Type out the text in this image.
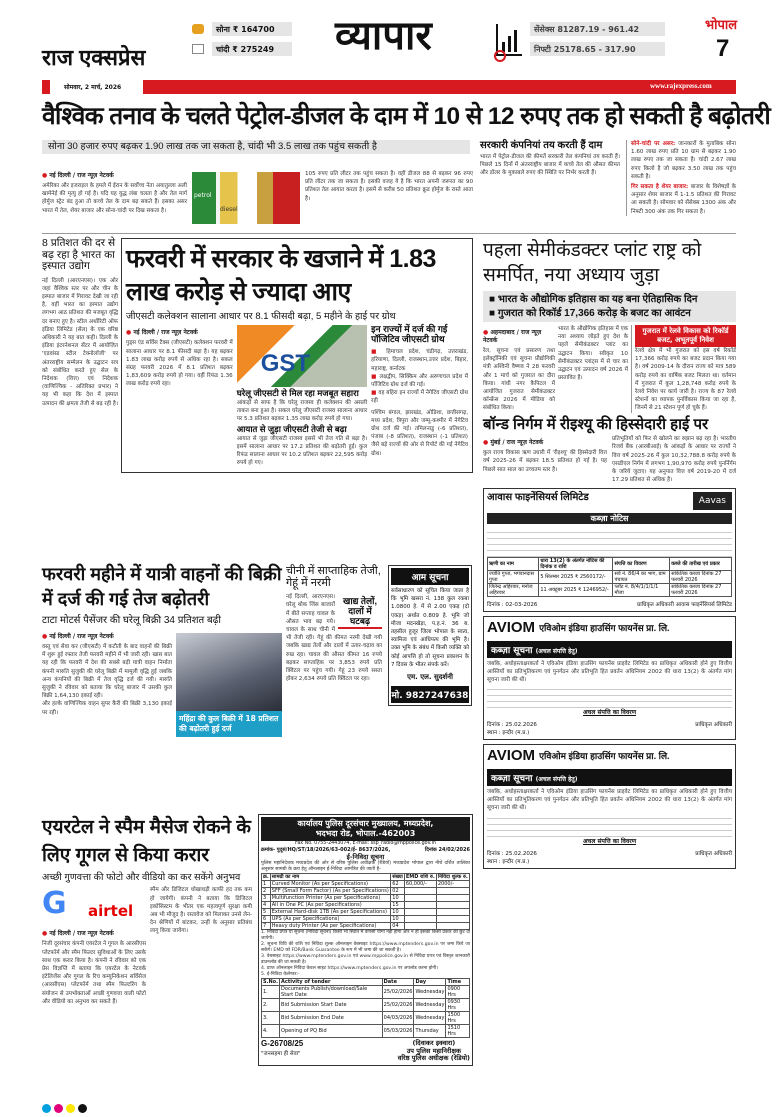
राज एक्सप्रेस
सोमवार, 2 मार्च, 2026	www.rajexpress.com
सोना ₹ 164700
चांदी ₹ 275249	व्यापार	सेंसेक्स 81287.19 - 961.42
निफ्टी 25178.65 - 317.90
भोपाल
7
वैश्विक तनाव के चलते पेट्रोल-डीजल के दाम में 10 से 12 रुपए तक हो सकती है बढ़ोतरी
सोना 30 हजार रुपए बढ़कर 1.90 लाख तक जा सकता है, चांदी भी 3.5 लाख तक पहुंच सकती है
● नई दिल्ली / राज न्यूज़ नेटवर्क
अमेरिका और इजराइल के हमले में ईरान के सर्वोच्च नेता अयातुल्ला अली खामेनेई की मृत्यु हो गई है। यदि यह युद्ध लंबा चलता है और तेल मार्ग होर्मुज स्ट्रेट बंद हुआ तो कच्चे तेल के दाम बढ़ सकते हैं। इसका असर भारत में तेल, शेयर बाजार और सोना-चांदी पर दिख सकता है।
petrol
diesel
105 रुपए प्रति लीटर तक पहुंच सकता है। वहीं डीजल 88 से बढ़कर 96 रुपए प्रति लीटर तक जा सकता है। इसकी वजह ये है कि भारत अपनी जरूरत का 90 प्रतिशत तेल आयात करता है। इसमें से करीब 50 प्रतिशत क्रूड होर्मुज के रास्ते आता है।
सरकारी कंपनियां तय करती हैं दाम
भारत में पेट्रोल-डीजल की कीमतें सरकारी तेल कंपनियां तय करती हैं। पिछले 15 दिनों में अंतरराष्ट्रीय बाजार में कच्चे तेल की औसत कीमत और डॉलर के मुकाबले रुपए की स्थिति पर निर्भर करती हैं।
सोने-चांदी पर असर: जानकारों के मुताबिक सोना 1.60 लाख रुपए प्रति 10 ग्राम से बढ़कर 1.90 लाख रुपए तक जा सकता है। चांदी 2.67 लाख रुपए किलो है जो बढ़कर 3.50 लाख तक पहुंच सकती है।
गिर सकता है शेयर बाजार: बाजार के विशेषज्ञों के अनुसार शेयर बाजार में 1-1.5 प्रतिशत की गिरावट आ सकती है। सोमवार को सेंसेक्स 1300 अंक और निफ्टी 300 अंक तक गिर सकता है।
8 प्रतिशत की दर से बढ़ रहा है भारत का इस्पात उद्योग
नई दिल्ली (आरएनएस)। एक ओर जहां वैश्विक स्तर पर और चीन के इस्पात बाजार में गिरावट देखी जा रही है, वहीं भारत का इस्पात उद्योग लगभग आठ प्रतिशत की मजबूत वृद्धि दर बनाए हुए है। स्टील अथॉरिटी ऑफ इंडिया लिमिटेड (सेल) के एक वरिष्ठ अधिकारी ने यह बात कही। दिल्ली के इंडिया इंटरनेशनल सेंटर में आयोजित 'एडवांस्ड स्टील टेक्नोलॉजी' पर अंतरराष्ट्रीय सम्मेलन के उद्घाटन सत्र को संबोधित करते हुए सेल के निदेशक (वित्त) एवं निदेशक (वाणिज्यिक - अतिरिक्त प्रभार) ने यह भी कहा कि देश में इस्पात उत्पादन की क्षमता तेजी से बढ़ रही है।
फरवरी में सरकार के खजाने में 1.83 लाख करोड़ से ज्यादा आए
जीएसटी कलेक्शन सालाना आधार पर 8.1 फीसदी बढ़ा, 5 महीने के हाई पर ग्रोथ
● नई दिल्ली / राज न्यूज़ नेटवर्क
गुड्स एंड सर्विस टैक्स (जीएसटी) कलेक्शन फरवरी में सालाना आधार पर 8.1 फीसदी बढ़ा है। यह बढ़कर 1.83 लाख करोड़ रुपये से अधिक रहा है। सकल संग्रह फरवरी 2026 में 8.1 प्रतिशत बढ़कर 1,83,609 करोड़ रुपये हो गया। वहीं रिफंड 1.36 लाख करोड़ रुपये रहा।
GST
घरेलू जीएसटी से मिल रहा मजबूत सहारा
आंकड़ों से साफ है कि घरेलू राजस्व ही कलेक्शन की असली ताकत बना हुआ है। सकल घरेलू जीएसटी राजस्व सालाना आधार पर 5.3 प्रतिशत बढ़कर 1.35 लाख करोड़ रुपये हो गया।
आयात से जुड़ा जीएसटी तेजी से बढ़ा
आयात से जुड़ा जीएसटी राजस्व इससे भी तेज गति से बढ़ा है। इसमें सालाना आधार पर 17.2 प्रतिशत की बढ़ोतरी हुई। कुल रिफंड सालाना आधार पर 10.2 प्रतिशत बढ़कर 22,595 करोड़ रुपये हो गए।
इन राज्यों में दर्ज की गई पॉजिटिव जीएसटी ग्रोथ
■ हिमाचल प्रदेश, चंडीगढ़, उत्तराखंड, हरियाणा, दिल्ली, राजस्थान,उत्तर प्रदेश, बिहार, महाराष्ट्र, कर्नाटक
■ लक्षद्वीप, सिक्किम और अरुणाचल प्रदेश में पॉजिटिव ग्रोथ दर्ज की गई।
■ वह बहिरा इन राज्यों में नेगेटिव जीएसटी ग्रोथ रही
पश्चिम बंगाल, झारखंड, ओडिशा, छत्तीसगढ़, मध्य प्रदेश, त्रिपुरा और जम्मू-कश्मीर में नेगेटिव ग्रोथ दर्ज की गई। तमिलनाडु (-6 प्रतिशत), पंजाब (-8 प्रतिशत), राजस्थान (-1 प्रतिशत) जैसे बड़े राज्यों की ओर से रिपोर्ट की गई नेगेटिव ग्रोथ।
पहला सेमीकंडक्टर प्लांट राष्ट्र को समर्पित, नया अध्याय जुड़ा
■ भारत के औद्योगिक इतिहास का यह बना ऐतिहासिक दिन
■ गुजरात को रिकॉर्ड 17,366 करोड़ के बजट का आवंटन
● अहमदाबाद / राज न्यूज़ नेटवर्क
रेल, सूचना एवं प्रसारण तथा इलेक्ट्रॉनिकी एवं सूचना प्रौद्योगिकी मंत्री अश्विनी वैष्णव ने 28 फरवरी और 1 मार्च को गुजरात का दौरा किया। गांधी नगर कैपिटल में आयोजित गुजरात सेमीकंडक्टर कॉन्फ्रेंस 2026 में मीडिया को संबोधित किया।
भारत के औद्योगिक इतिहास में एक नया अध्याय जोड़ते हुए देश के पहले सेमीकंडक्टर प्लांट का उद्घाटन किया। स्वीकृत 10 सेमीकंडक्टर प्लांट्स में से चार का उद्घाटन एवं उत्पादन वर्ष 2026 में प्रस्तावित है।
गुजरात में रेलवे विकास को रिकॉर्ड बजट, अभूतपूर्व निवेश
रेलवे क्षेत्र में भी गुजरात को इस वर्ष रिकॉर्ड 17,366 करोड़ रुपये का बजट प्रदान किया गया है। वर्ष 2009-14 के दौरान राज्य को मात्र 589 करोड़ रुपये का वार्षिक बजट मिलता था। वर्तमान में गुजरात में कुल 1,28,748 करोड़ रुपये के रेलवे निवेश पर कार्य जारी है। राज्य के 87 रेलवे स्टेशनों का व्यापक पुनर्विकास किया जा रहा है, जिनमें से 21 स्टेशन पूर्ण हो चुके हैं।
बॉन्ड निर्गम में रीइश्यू की हिस्सेदारी हाई पर
● मुंबई / राज न्यूज़ नेटवर्क
कुल राज्य विकास ऋण उधारी में 'रीइश्यू' की हिस्सेदारी वित्त वर्ष 2025-26 में बढ़कर 18.5 प्रतिशत हो गई है। यह पिछले सात साल का उच्चतम स्तर है।
प्रतिभूतियों को फिर से खोलने का रुझान बढ़ रहा है। भारतीय रिजर्व बैंक (आरबीआई) के आंकड़ों के आधार पर राज्यों ने वित्त वर्ष 2025-26 में कुल 10,32,788.8 करोड़ रुपये के एसडीएल निर्गम में लगभग 1,90,970 करोड़ रुपये पुनर्निर्गम के जरिये जुटाए। यह अनुपात वित्त वर्ष 2019-20 में दर्ज 17.29 प्रतिशत से अधिक है।
आवास फाइनेंसियर्स लिमिटेड	Aavas
कब्ज़ा नोटिस
ऋणी का नाम	धारा 13(2) के अंतर्गत नोटिस की दिनांक व राशि	संपत्ति का विवरण	कब्जे की तारीख एवं प्रकार
ज्योति गुप्ता, भगवानदास गुप्ता	5 सितम्बर 2025 ₹ 2560172/-	सर्वे नं. 86/4 का भाग, ग्राम पंचायत	सांकेतिक कब्जा दिनांक 27 फरवरी 2026
जितेन्द्र अहिरवार, मनोज अहिरवार	11 अक्टूबर 2025 ₹ 1246952/-	प्लॉट नं. 8/4/1/1/1/1 मौजा	सांकेतिक कब्जा दिनांक 27 फरवरी 2026
दिनांक : 02-03-2026	प्राधिकृत अधिकारी आवास फाइनेंसियर्स लिमिटेड
AVIOM एविओम इंडिया हाउसिंग फायनेंस प्रा. लि.
कब्ज़ा सूचना (अचल संपत्ति हेतु)
जबकि, अधोहस्ताक्षरकर्ता ने एविओम इंडिया हाउसिंग फायनेंस प्राइवेट लिमिटेड का प्राधिकृत अधिकारी होने हुए वित्तीय आस्तियों का प्रतिभूतिकरण एवं पुनर्गठन और प्रतिभूति हित प्रवर्तन अधिनियम 2002 की धारा 13(2) के अंतर्गत मांग सूचना जारी की थी।
अचल संपत्ति का विवरण
दिनांक : 25.02.2026	प्राधिकृत अधिकारी
स्थान : इन्दौर (म.प्र.)
AVIOM एविओम इंडिया हाउसिंग फायनेंस प्रा. लि.
कब्ज़ा सूचना (अचल संपत्ति हेतु)
जबकि, अधोहस्ताक्षरकर्ता ने एविओम इंडिया हाउसिंग फायनेंस प्राइवेट लिमिटेड का प्राधिकृत अधिकारी होने हुए वित्तीय आस्तियों का प्रतिभूतिकरण एवं पुनर्गठन और प्रतिभूति हित प्रवर्तन अधिनियम 2002 की धारा 13(2) के अंतर्गत मांग सूचना जारी की थी।
अचल संपत्ति का विवरण
दिनांक : 25.02.2026	प्राधिकृत अधिकारी
स्थान : इन्दौर (म.प्र.)
फरवरी महीने में यात्री वाहनों की बिक्री में दर्ज की गई तेज बढ़ोतरी
टाटा मोटर्स पैसेंजर की घरेलू बिक्री 34 प्रतिशत बढ़ी
● नई दिल्ली / राज न्यूज़ नेटवर्क
वस्तु एवं सेवा कर (जीएसटी) में कटौती के बाद वाहनों की बिक्री में शुरू हुई रफ्तार तेजी फरवरी महीने में भी जारी रही। खास बात यह रही कि फरवरी में देश की सबसे बड़ी यात्री वाहन निर्माता कंपनी मारुति सुजुकी की घरेलू बिक्री में मामूली वृद्धि हुई जबकि अन्य कंपनियों की बिक्री में तेज वृद्धि दर्ज की गयी। मारुति सुजुकी ने रविवार को बताया कि घरेलू बाजार में उसकी कुल बिक्री 1,64,130 इकाई रही।
और हल्के वाणिज्यिक वाहन सुपर कैरी की बिक्री 3,130 इकाई पर रही।
महिंद्रा की कुल बिक्री में 18 प्रतिशत की बढ़ोतरी हुई दर्ज
चीनी में साप्ताहिक तेजी, गेहूं में नरमी
खाद्य तेलों, दालों में घटबढ़
नई दिल्ली, आरएनएस। घरेलू थोक जिंस बाजारों में बीते सप्ताह चावल के औसत भाव बढ़ गये। चावल के साथ चीनी में भी तेजी रही। गेहूं की कीमत नरमी देखी गयी जबकि खाद्य तेलों और दालों में उतार-चढ़ाव का रुख रहा। चावल की औसत कीमत 16 रुपये बढ़कर साप्ताहिक पर 3,853 रुपये प्रति क्विंटल पर पहुंच गयी। गेहूं 23 रुपये सस्ता होकर 2,634 रुपये प्रति क्विंटल पर रहा।
आम सूचना
सर्वसाधारण को सूचित किया जाता है कि भूमि खसरा नं. 138 कुल रकबा 1.0800 हे. में से 2.00 एकड़ (दो एकड़) अर्थात 0.809 हे. भूमि जो मौजा मदनखेड़ा, प.ह.नं. 36 ब. तहसील हुजूर जिला भोपाल के स्वत्व, स्वामित्व एवं आधिपत्य की भूमि है। उक्त भूमि के संबंध में किसी व्यक्ति को कोई आपत्ति हो तो सूचना प्रकाशन के 7 दिवस के भीतर संपर्क करें।
एम. एल. सुदर्शनी
मो. 9827247638
एयरटेल ने स्पैम मैसेज रोकने के लिए गूगल से किया करार
अच्छी गुणवत्ता की फोटो और वीडियो का कर सकेंगे अनुभव
G airtel
● नई दिल्ली / राज न्यूज़ नेटवर्क
निजी दूरसंचार कंपनी एयरटेल ने गूगल के आरसीएस प्लेटफॉर्म और स्पैम फिल्टर सुविधाओं के लिए उसके साथ एक करार किया है। कंपनी ने रविवार को एक प्रेस विज्ञप्ति में बताया कि एयरटेल के नेटवर्क इंटेलिजेंस और गूगल के रिच कम्युनिकेशन सर्विसेज (आरसीएस) प्लेटफॉर्म तथा स्पैम फिल्टरिंग के संयोजन से उपभोक्ताओं अच्छी गुणवत्ता वाली फोटो और वीडियो का अनुभव कर सकते हैं।
स्पैम और डिजिटल धोखाधड़ी काफी हद तक कम हो जायेगी। कंपनी ने बताया कि डिजिटल इकोसिस्टम के भीतर एक महत्वपूर्ण सुरक्षा कमी अब भी मौजूद है। रस्तावेज को मिलाकर उनसे लेन-देन श्रेणियों में बांटकर, उन्हीं के अनुसार प्रतिबंध लागू किया जायेगा।
कार्यालय पुलिस दूरसंचार मुख्यालय, मध्यप्रदेश,
भदभदा रोड, भोपाल.-462003
Fax No. 0755-2443074, E-mail: ssp_radio@mppolice.gov.in
क्रमांक- पुदूसं/HQ/ST/18/2026/63-002/ई- 8637/2026,	दिनांक 24/02/2026
ई-निविदा सूचना
पुलिस महानिदेशक मध्यप्रदेश की ओर से वरिष्ठ पुलिस अधीक्षक (रेडियो) मध्यप्रदेश भोपाल द्वारा नीचे दर्शित तालिका अनुसार सामग्री के क्रय हेतु ऑनलाइन ई-निविदा आमंत्रित की जाती है-
क्र.	सामग्री का नाम	संख्या	EMD राशि रु.	निविदा शुल्क रु.
1	Curved Monitor (As per Specifications)	62	60,000/-	2000/-
2	SFF (Small Form Factor) (As per Specifications)	02		
3	Multifunction Printer (As per Specifications)	10		
4	All in One PC (As per Specifications)	15		
5	External Hard-disk 1TB (As per Specifications)	10		
6	UPS (As per Specifications)	10		
7	Heavy duty Printer (As per Specifications)	04		
1. निविदा प्रपत्र या सूचना (निविदा सूचना) किसी भी स्थिति में वापसी योग्य नहीं होगा और न ही इसकी किसी प्रकार की छूट दी जायेगी।
2. सूचना विधि की राशि एवं निविदा शुल्क ऑनलाइन वेबसाइट https://www.mptenders.gov.in पर जमा किये जा सकेंगे। EMD को FDR/Bank Guarantee के रूप में भी जमा की जा सकती है।
3. वेबसाइट https://www.mptenders.gov.in एवं www.mppolice.gov.in से निविदा प्रपत्र एवं विस्तृत जानकारी डाउनलोड की जा सकती है।
4. प्राप्त ऑनलाइन निविदा केवल साइट https://www.mptenders.gov.in पर अपलोड करना होगी।
5. ई-निविदा केलेण्डर:-
S.No.	Activity of tender	Date	Day	Time
1.	Documents Publish/download/Sale Start Date	25/02/2026	Wednesday	0900 Hrs
2.	Bid Submission Start Date	25/02/2026	Wednesday	0930 Hrs
3.	Bid Submission End Date	04/03/2026	Wednesday	1500 Hrs
4.	Opening of PQ Bid	05/03/2026	Thursday	1510 Hrs
G-26708/25
"जनसहमा ही सेवा"
(दिवाकर इक्वारा)
उप पुलिस महानिरीक्षक
वरिष्ठ पुलिस अधीक्षक (रेडियो)
